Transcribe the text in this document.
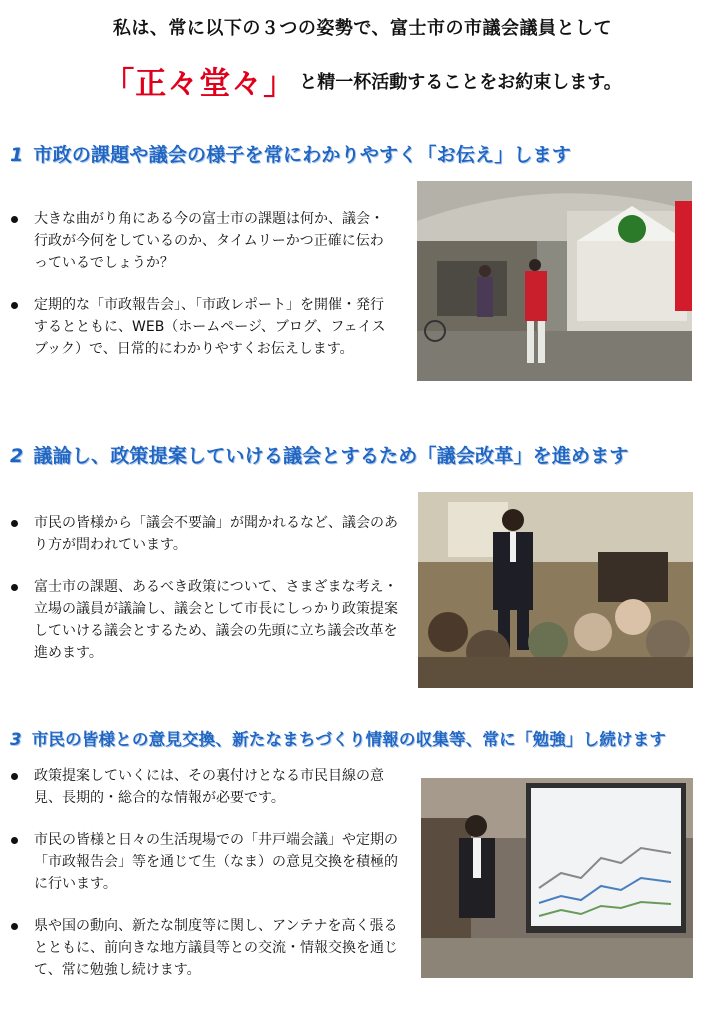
私は、常に以下の３つの姿勢で、富士市の市議会議員として
「正々堂々」 と精一杯活動することをお約束します。
1 市政の課題や議会の様子を常にわかりやすく「お伝え」します
大きな曲がり角にある今の富士市の課題は何か、議会・行政が今何をしているのか、タイムリーかつ正確に伝わっているでしょうか？
定期的な「市政報告会」、「市政レポート」を開催・発行するとともに、WEB（ホームページ、ブログ、フェイスブック）で、日常的にわかりやすくお伝えします。
2 議論し、政策提案していける議会とするため「議会改革」を進めます
市民の皆様から「議会不要論」が聞かれるなど、議会のあり方が問われています。
富士市の課題、あるべき政策について、さまざまな考え・立場の議員が議論し、議会として市長にしっかり政策提案していける議会とするため、議会の先頭に立ち議会改革を進めます。
3 市民の皆様との意見交換、新たなまちづくり情報の収集等、常に「勉強」し続けます
政策提案していくには、その裏付けとなる市民目線の意見、長期的・総合的な情報が必要です。
市民の皆様と日々の生活現場での「井戸端会議」や定期の「市政報告会」等を通じて生（なま）の意見交換を積極的に行います。
県や国の動向、新たな制度等に関し、アンテナを高く張るとともに、前向きな地方議員等との交流・情報交換を通じて、常に勉強し続けます。
